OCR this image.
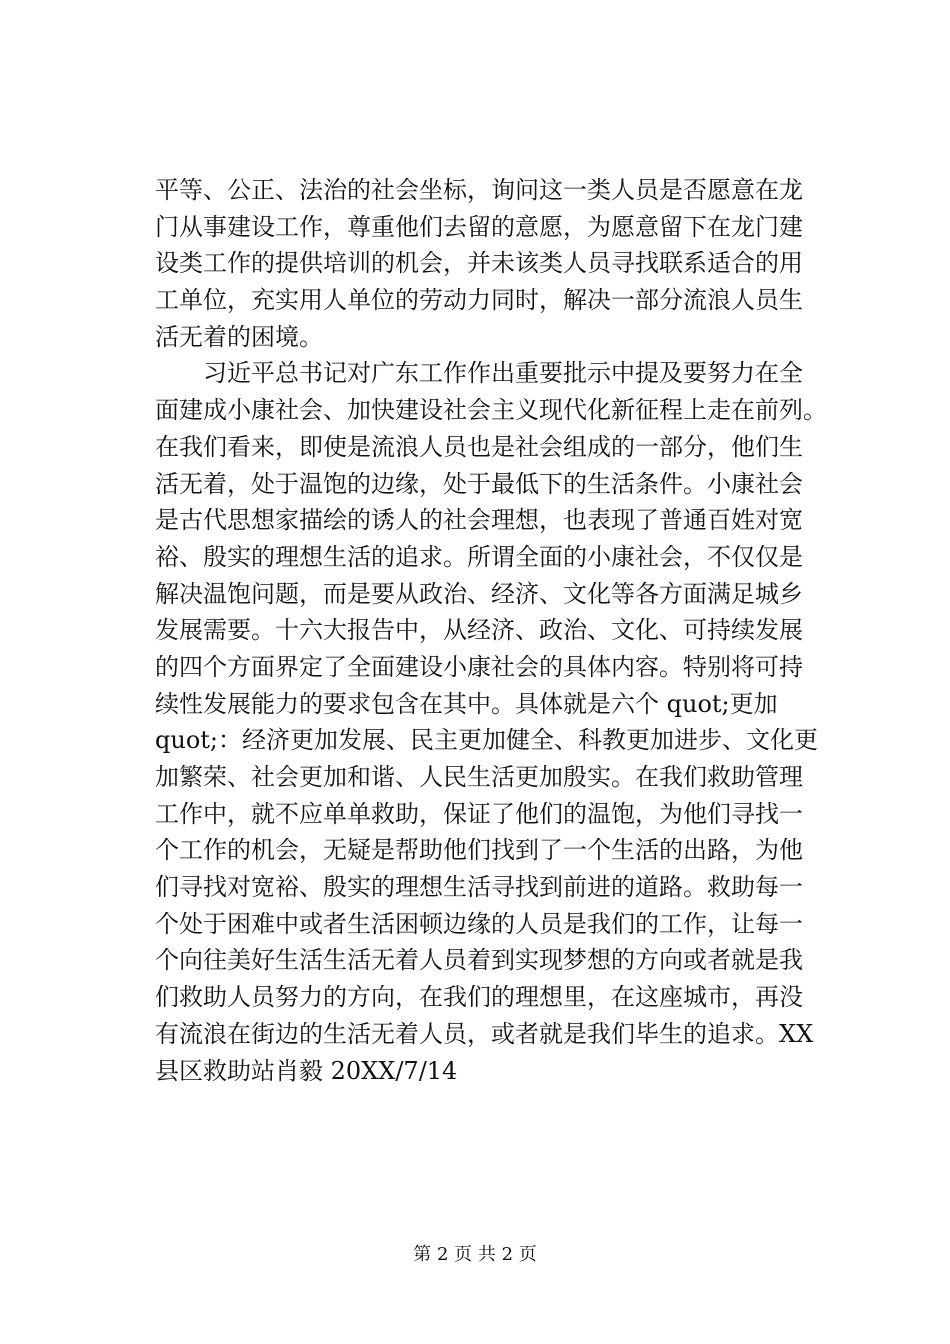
平等、公正、法治的社会坐标，询问这一类人员是否愿意在龙
门从事建设工作，尊重他们去留的意愿，为愿意留下在龙门建
设类工作的提供培训的机会，并未该类人员寻找联系适合的用
工单位，充实用人单位的劳动力同时，解决一部分流浪人员生
活无着的困境。
　　习近平总书记对广东工作作出重要批示中提及要努力在全
面建成小康社会、加快建设社会主义现代化新征程上走在前列。
在我们看来，即使是流浪人员也是社会组成的一部分，他们生
活无着，处于温饱的边缘，处于最低下的生活条件。小康社会
是古代思想家描绘的诱人的社会理想，也表现了普通百姓对宽
裕、殷实的理想生活的追求。所谓全面的小康社会，不仅仅是
解决温饱问题，而是要从政治、经济、文化等各方面满足城乡
发展需要。十六大报告中，从经济、政治、文化、可持续发展
的四个方面界定了全面建设小康社会的具体内容。特别将可持
续性发展能力的要求包含在其中。具体就是六个 quot;更加
quot;：经济更加发展、民主更加健全、科教更加进步、文化更
加繁荣、社会更加和谐、人民生活更加殷实。在我们救助管理
工作中，就不应单单救助，保证了他们的温饱，为他们寻找一
个工作的机会，无疑是帮助他们找到了一个生活的出路，为他
们寻找对宽裕、殷实的理想生活寻找到前进的道路。救助每一
个处于困难中或者生活困顿边缘的人员是我们的工作，让每一
个向往美好生活生活无着人员着到实现梦想的方向或者就是我
们救助人员努力的方向，在我们的理想里，在这座城市，再没
有流浪在街边的生活无着人员，或者就是我们毕生的追求。XX
县区救助站肖毅 20XX/7/14
第 2 页 共 2 页
